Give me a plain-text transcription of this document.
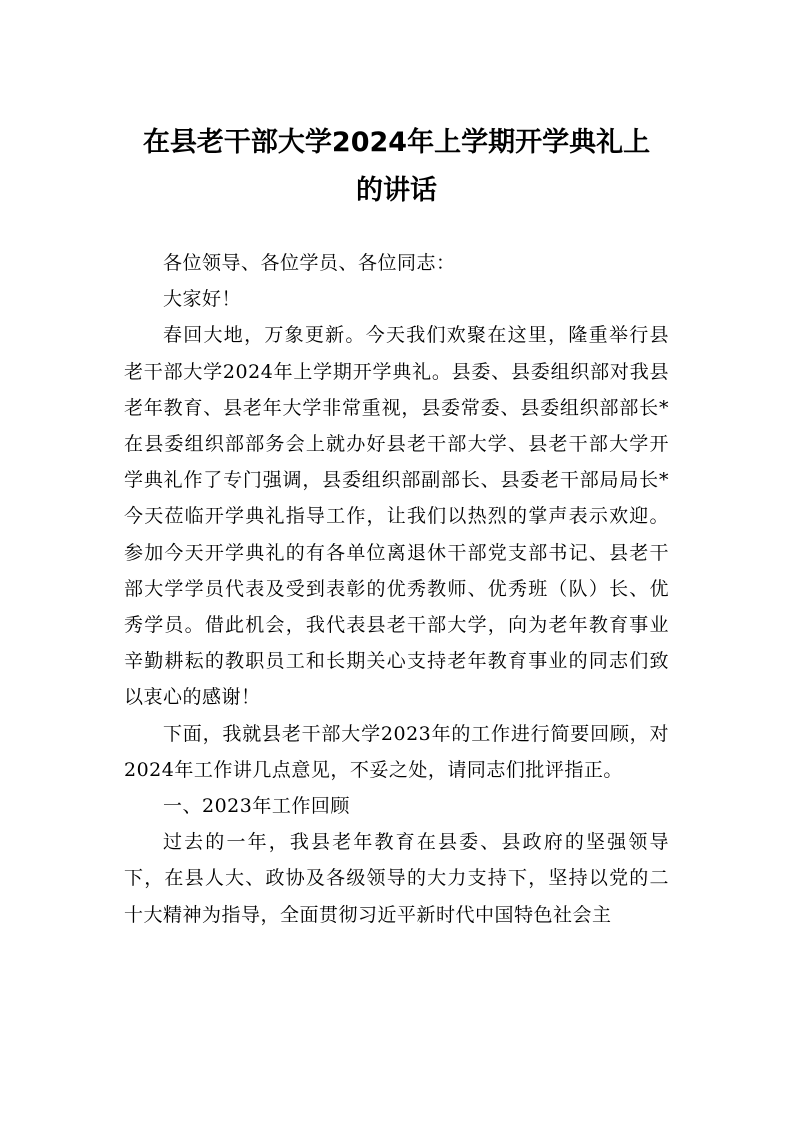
在县老干部大学2024年上学期开学典礼上
的讲话

各位领导、各位学员、各位同志：

大家好！

春回大地，万象更新。今天我们欢聚在这里，隆重举行县老干部大学2024年上学期开学典礼。县委、县委组织部对我县老年教育、县老年大学非常重视，县委常委、县委组织部部长*在县委组织部部务会上就办好县老干部大学、县老干部大学开学典礼作了专门强调，县委组织部副部长、县委老干部局局长*今天莅临开学典礼指导工作，让我们以热烈的掌声表示欢迎。参加今天开学典礼的有各单位离退休干部党支部书记、县老干部大学学员代表及受到表彰的优秀教师、优秀班（队）长、优秀学员。借此机会，我代表县老干部大学，向为老年教育事业辛勤耕耘的教职员工和长期关心支持老年教育事业的同志们致以衷心的感谢！

下面，我就县老干部大学2023年的工作进行简要回顾，对2024年工作讲几点意见，不妥之处，请同志们批评指正。

一、2023年工作回顾

过去的一年，我县老年教育在县委、县政府的坚强领导下，在县人大、政协及各级领导的大力支持下，坚持以党的二十大精神为指导，全面贯彻习近平新时代中国特色社会主
